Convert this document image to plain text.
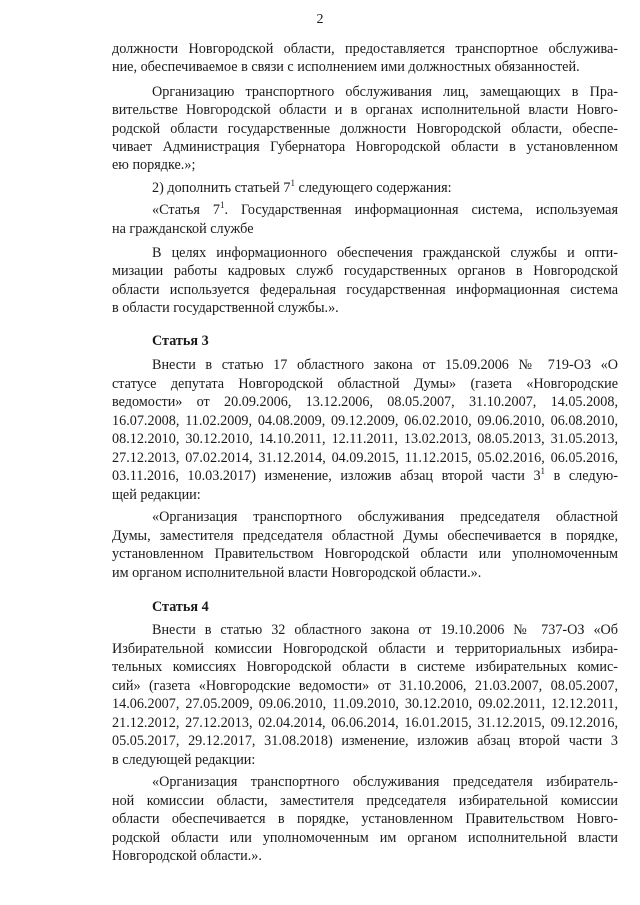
2
должности Новгородской области, предоставляется транспортное обслужива-
ние, обеспечиваемое в связи с исполнением ими должностных обязанностей.
Организацию транспортного обслуживания лиц, замещающих в Пра-
вительстве Новгородской области и в органах исполнительной власти Новго-
родской области государственные должности Новгородской области, обеспе-
чивает Администрация Губернатора Новгородской области в установленном
ею порядке.»;
2) дополнить статьей $7^1$ следующего содержания:
«Статья $7^1$. Государственная информационная система, используемая
на гражданской службе
В целях информационного обеспечения гражданской службы и опти-
мизации работы кадровых служб государственных органов в Новгородской
области используется федеральная государственная информационная система
в области государственной службы.».
Статья 3
Внести в статью 17 областного закона от 15.09.2006 № 719-ОЗ «О
статусе депутата Новгородской областной Думы» (газета «Новгородские
ведомости» от 20.09.2006, 13.12.2006, 08.05.2007, 31.10.2007, 14.05.2008,
16.07.2008, 11.02.2009, 04.08.2009, 09.12.2009, 06.02.2010, 09.06.2010, 06.08.2010,
08.12.2010, 30.12.2010, 14.10.2011, 12.11.2011, 13.02.2013, 08.05.2013, 31.05.2013,
27.12.2013, 07.02.2014, 31.12.2014, 04.09.2015, 11.12.2015, 05.02.2016, 06.05.2016,
03.11.2016, 10.03.2017) изменение, изложив абзац второй части $3^1$ в следую-
щей редакции:
«Организация транспортного обслуживания председателя областной
Думы, заместителя председателя областной Думы обеспечивается в порядке,
установленном Правительством Новгородской области или уполномоченным
им органом исполнительной власти Новгородской области.».
Статья 4
Внести в статью 32 областного закона от 19.10.2006 № 737-ОЗ «Об
Избирательной комиссии Новгородской области и территориальных избира-
тельных комиссиях Новгородской области в системе избирательных комис-
сий» (газета «Новгородские ведомости» от 31.10.2006, 21.03.2007, 08.05.2007,
14.06.2007, 27.05.2009, 09.06.2010, 11.09.2010, 30.12.2010, 09.02.2011, 12.12.2011,
21.12.2012, 27.12.2013, 02.04.2014, 06.06.2014, 16.01.2015, 31.12.2015, 09.12.2016,
05.05.2017, 29.12.2017, 31.08.2018) изменение, изложив абзац второй части 3
в следующей редакции:
«Организация транспортного обслуживания председателя избиратель-
ной комиссии области, заместителя председателя избирательной комиссии
области обеспечивается в порядке, установленном Правительством Новго-
родской области или уполномоченным им органом исполнительной власти
Новгородской области.».
